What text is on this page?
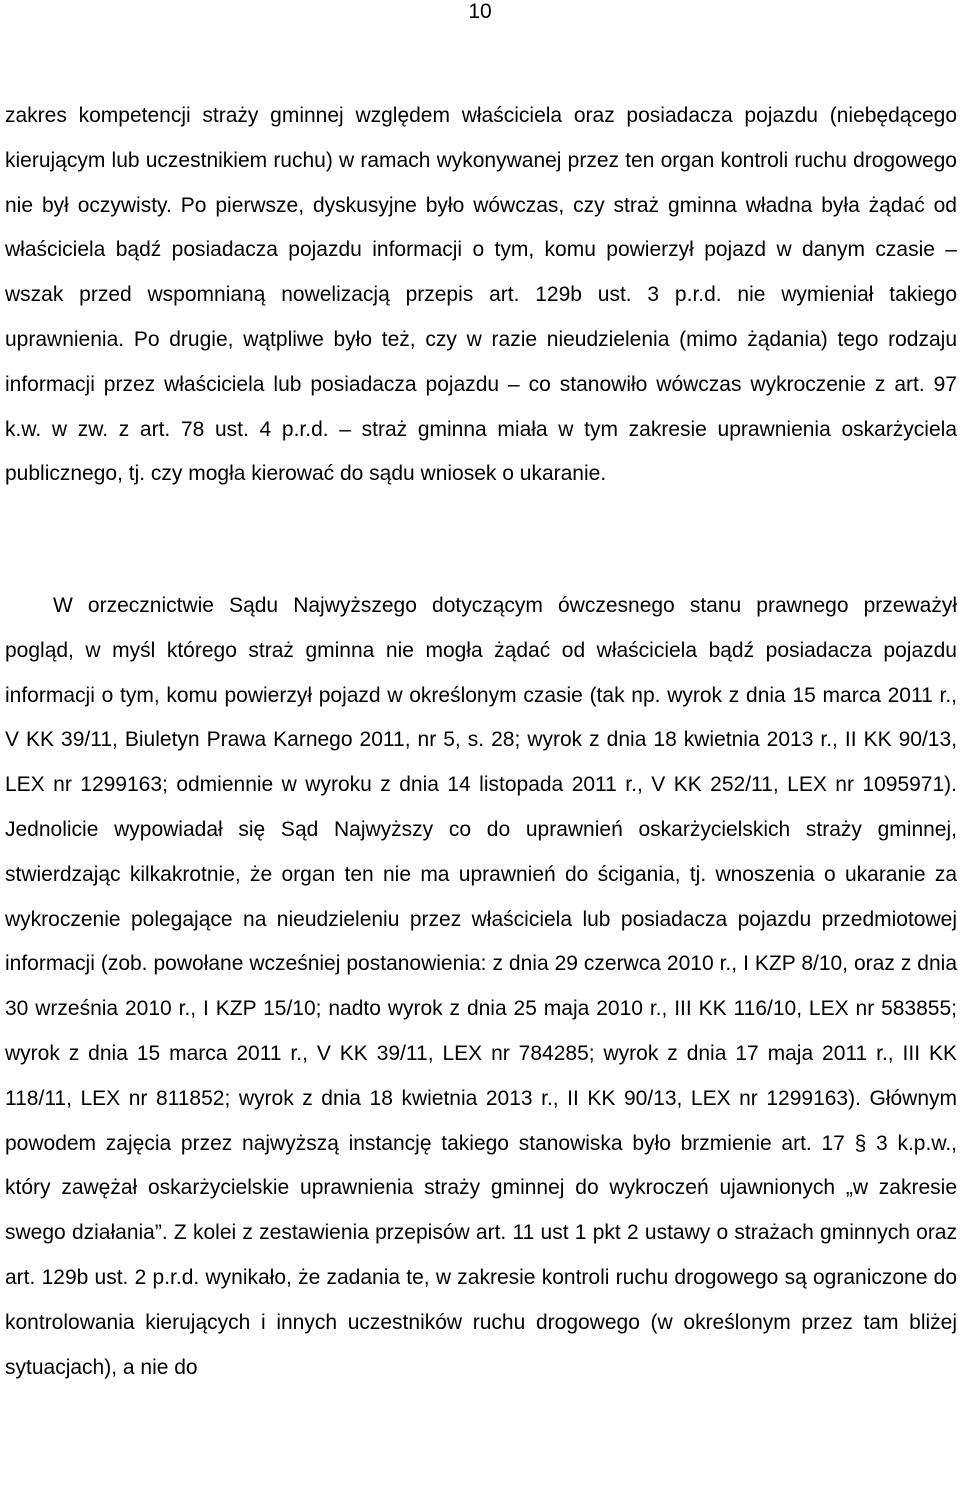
10

zakres kompetencji straży gminnej względem właściciela oraz posiadacza pojazdu (niebędącego kierującym lub uczestnikiem ruchu) w ramach wykonywanej przez ten organ kontroli ruchu drogowego nie był oczywisty. Po pierwsze, dyskusyjne było wówczas, czy straż gminna władna była żądać od właściciela bądź posiadacza pojazdu informacji o tym, komu powierzył pojazd w danym czasie – wszak przed wspomnianą nowelizacją przepis art. 129b ust. 3 p.r.d. nie wymieniał takiego uprawnienia. Po drugie, wątpliwe było też, czy w razie nieudzielenia (mimo żądania) tego rodzaju informacji przez właściciela lub posiadacza pojazdu – co stanowiło wówczas wykroczenie z art. 97 k.w. w zw. z art. 78 ust. 4 p.r.d. – straż gminna miała w tym zakresie uprawnienia oskarżyciela publicznego, tj. czy mogła kierować do sądu wniosek o ukaranie.

W orzecznictwie Sądu Najwyższego dotyczącym ówczesnego stanu prawnego przeważył pogląd, w myśl którego straż gminna nie mogła żądać od właściciela bądź posiadacza pojazdu informacji o tym, komu powierzył pojazd w określonym czasie (tak np. wyrok z dnia 15 marca 2011 r., V KK 39/11, Biuletyn Prawa Karnego 2011, nr 5, s. 28; wyrok z dnia 18 kwietnia 2013 r., II KK 90/13, LEX nr 1299163; odmiennie w wyroku z dnia 14 listopada 2011 r., V KK 252/11, LEX nr 1095971). Jednolicie wypowiadał się Sąd Najwyższy co do uprawnień oskarżycielskich straży gminnej, stwierdzając kilkakrotnie, że organ ten nie ma uprawnień do ścigania, tj. wnoszenia o ukaranie za wykroczenie polegające na nieudzieleniu przez właściciela lub posiadacza pojazdu przedmiotowej informacji (zob. powołane wcześniej postanowienia: z dnia 29 czerwca 2010 r., I KZP 8/10, oraz z dnia 30 września 2010 r., I KZP 15/10; nadto wyrok z dnia 25 maja 2010 r., III KK 116/10, LEX nr 583855; wyrok z dnia 15 marca 2011 r., V KK 39/11, LEX nr 784285; wyrok z dnia 17 maja 2011 r., III KK 118/11, LEX nr 811852; wyrok z dnia 18 kwietnia 2013 r., II KK 90/13, LEX nr 1299163). Głównym powodem zajęcia przez najwyższą instancję takiego stanowiska było brzmienie art. 17 § 3 k.p.w., który zawężał oskarżycielskie uprawnienia straży gminnej do wykroczeń ujawnionych „w zakresie swego działania”. Z kolei z zestawienia przepisów art. 11 ust 1 pkt 2 ustawy o strażach gminnych oraz art. 129b ust. 2 p.r.d. wynikało, że zadania te, w zakresie kontroli ruchu drogowego są ograniczone do kontrolowania kierujących i innych uczestników ruchu drogowego (w określonym przez tam bliżej sytuacjach), a nie do
